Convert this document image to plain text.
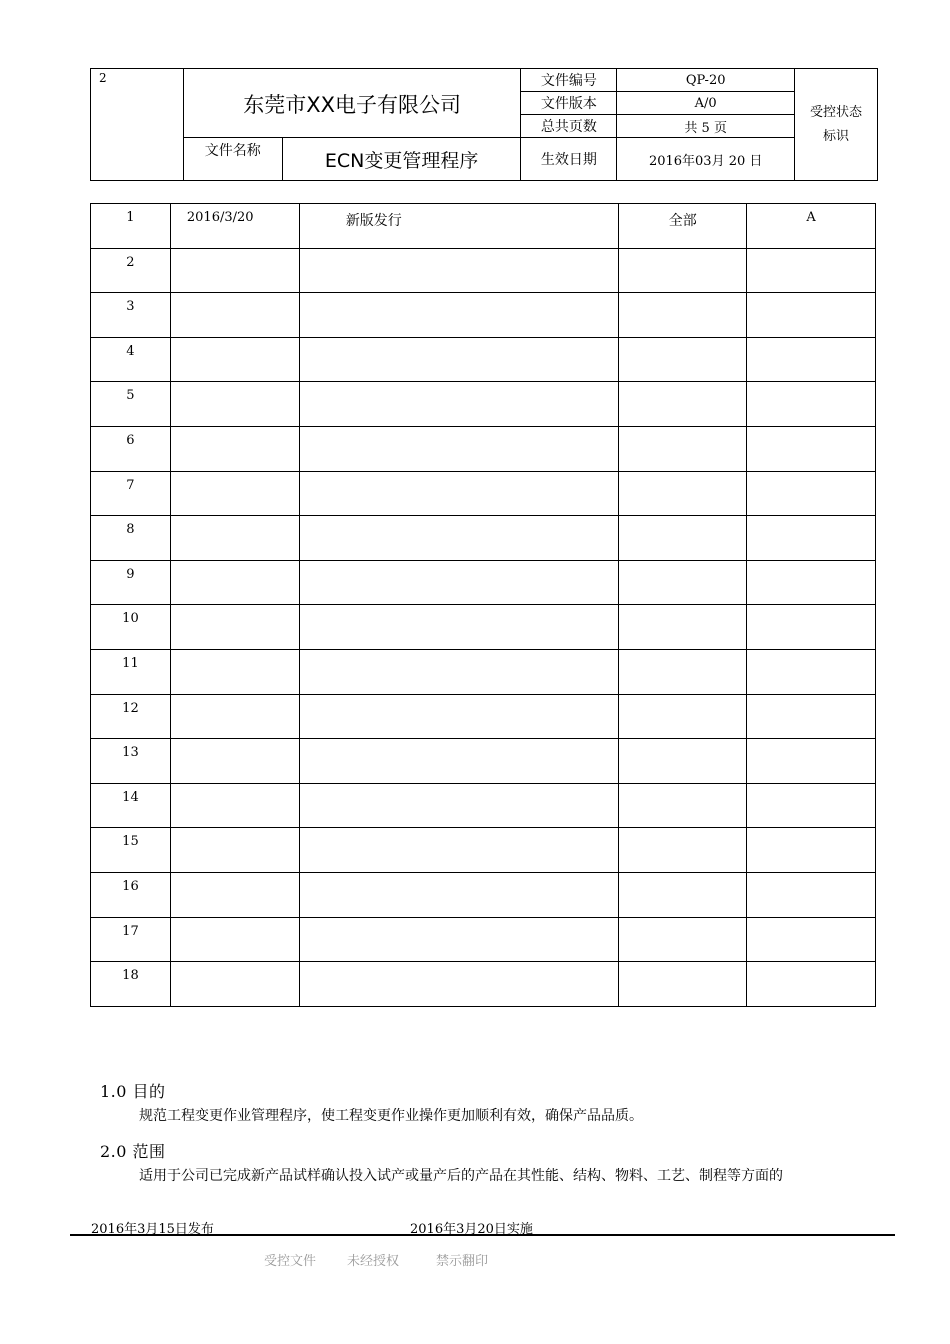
2	东莞市XX电子有限公司		文件编号	QP-20	受控状态
标识

			文件版本	A/0	
			总共页数	共 5 页	
	文件名称	ECN变更管理程序	生效日期	2016年03月 20 日	
1	2016/3/20	新版发行	全部	A
2				
3				
4				
5				
6				
7				
8				
9				
10				
11				
12				
13				
14				
15				
16				
17				
18				
1.0 目的
规范工程变更作业管理程序，使工程变更作业操作更加顺利有效，确保产品品质。
2.0 范围
适用于公司已完成新产品试样确认投入试产或量产后的产品在其性能、结构、物料、工艺、制程等方面的
2016年3月15日发布	2016年3月20日实施
受控文件 未经授权	禁示翻印
